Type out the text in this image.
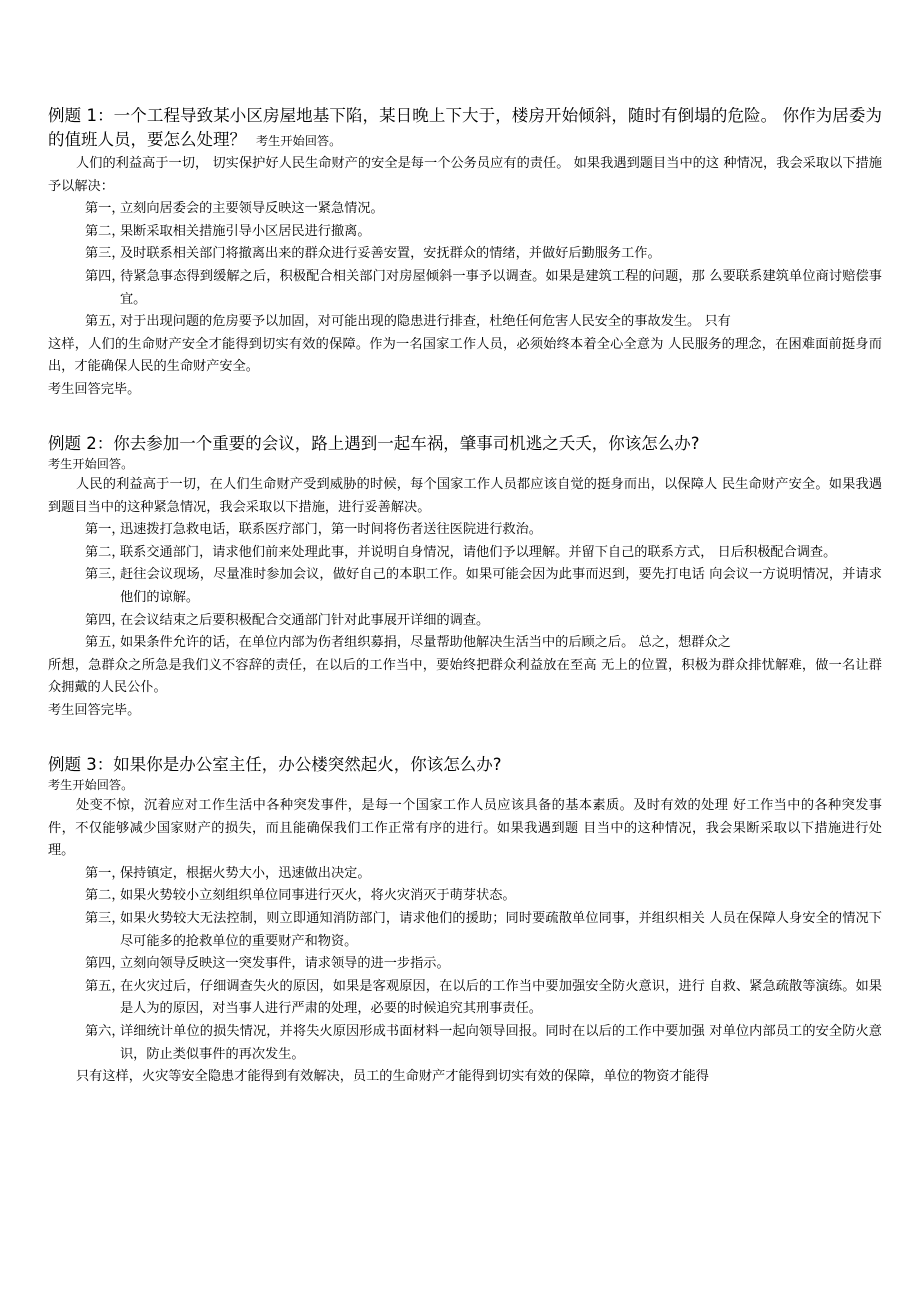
例题 1：一个工程导致某小区房屋地基下陷，某日晚上下大于，楼房开始倾斜，随时有倒塌的危险。 你作为居委为的值班人员，要怎么处理？ 考生开始回答。

人们的利益高于一切， 切实保护好人民生命财产的安全是每一个公务员应有的责任。 如果我遇到题目当中的这 种情况，我会采取以下措施予以解决：

第一，
立刻向居委会的主要领导反映这一紧急情况。
第二，
果断采取相关措施引导小区居民进行撤离。
第三，
及时联系相关部门将撤离出来的群众进行妥善安置，安抚群众的情绪，并做好后勤服务工作。
第四，
待紧急事态得到缓解之后，积极配合相关部门对房屋倾斜一事予以调查。如果是建筑工程的问题，那 么要联系建筑单位商讨赔偿事宜。
第五，
对于出现问题的危房要予以加固，对可能出现的隐患进行排查，杜绝任何危害人民安全的事故发生。 只有

这样，人们的生命财产安全才能得到切实有效的保障。作为一名国家工作人员，必须始终本着全心全意为 人民服务的理念，在困难面前挺身而出，才能确保人民的生命财产安全。

考生回答完毕。

例题 2：你去参加一个重要的会议，路上遇到一起车祸，肇事司机逃之夭夭，你该怎么办?

考生开始回答。

人民的利益高于一切，在人们生命财产受到威胁的时候，每个国家工作人员都应该自觉的挺身而出，以保障人 民生命财产安全。如果我遇到题目当中的这种紧急情况，我会采取以下措施，进行妥善解决。

第一，
迅速拨打急救电话，联系医疗部门，第一时间将伤者送往医院进行救治。
第二，
联系交通部门，请求他们前来处理此事，并说明自身情况，请他们予以理解。并留下自己的联系方式， 日后积极配合调查。
第三，
赶往会议现场，尽量准时参加会议，做好自己的本职工作。如果可能会因为此事而迟到，要先打电话 向会议一方说明情况，并请求他们的谅解。
第四，
在会议结束之后要积极配合交通部门针对此事展开详细的调查。
第五，
如果条件允许的话，在单位内部为伤者组织募捐，尽量帮助他解决生活当中的后顾之后。 总之，想群众之

所想，急群众之所急是我们义不容辞的责任，在以后的工作当中，要始终把群众利益放在至高 无上的位置，积极为群众排忧解难，做一名让群众拥戴的人民公仆。

考生回答完毕。

例题 3：如果你是办公室主任，办公楼突然起火，你该怎么办?

考生开始回答。

处变不惊，沉着应对工作生活中各种突发事件，是每一个国家工作人员应该具备的基本素质。及时有效的处理 好工作当中的各种突发事件，不仅能够减少国家财产的损失，而且能确保我们工作正常有序的进行。如果我遇到题 目当中的这种情况，我会果断采取以下措施进行处理。

第一，
保持镇定，根据火势大小，迅速做出决定。
第二，
如果火势较小立刻组织单位同事进行灭火，将火灾消灭于萌芽状态。
第三，
如果火势较大无法控制，则立即通知消防部门，请求他们的援助；同时要疏散单位同事，并组织相关 人员在保障人身安全的情况下尽可能多的抢救单位的重要财产和物资。
第四，
立刻向领导反映这一突发事件，请求领导的进一步指示。
第五，
在火灾过后，仔细调查失火的原因，如果是客观原因，在以后的工作当中要加强安全防火意识，进行 自救、紧急疏散等演练。如果是人为的原因，对当事人进行严肃的处理，必要的时候追究其刑事责任。
第六，
详细统计单位的损失情况，并将失火原因形成书面材料一起向领导回报。同时在以后的工作中要加强 对单位内部员工的安全防火意识，防止类似事件的再次发生。

只有这样，火灾等安全隐患才能得到有效解决，员工的生命财产才能得到切实有效的保障，单位的物资才能得
